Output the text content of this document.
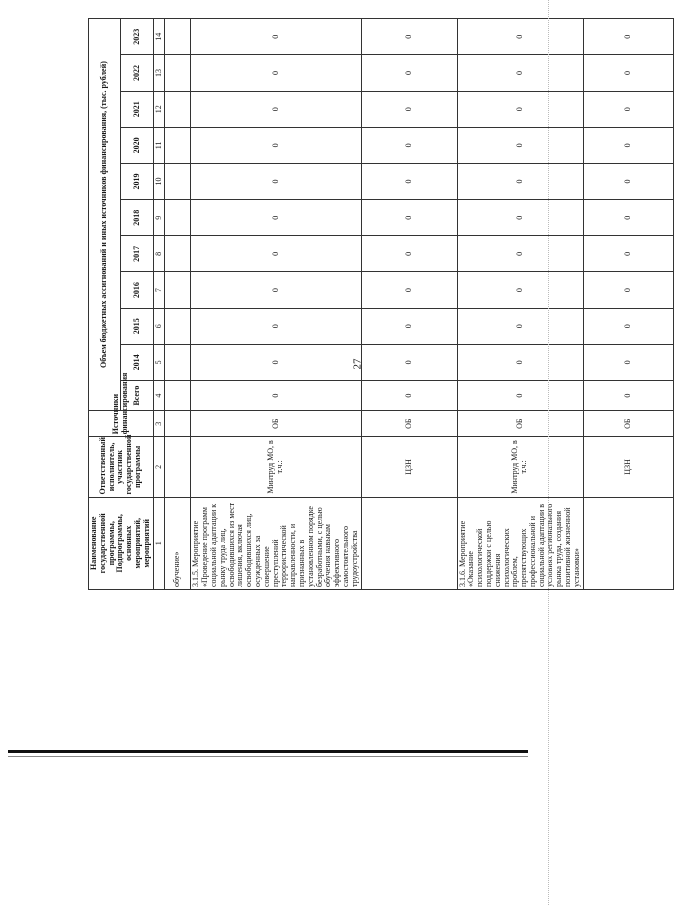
27
Наименование государственной программы, Подпрограммы, основных мероприятий, мероприятий	Ответственный исполнитель, участник государственной программы	Источники финансирования	Объем бюджетных ассигнований и иных источников финансирования, (тыс. рублей)										
			Всего	2014	2015	2016	2017	2018	2019	2020	2021	2022	2023
1	2	3	4	5	6	7	8	9	10	11	12	13	14
обучение»													
3.1.5. Мероприятие «Проведение программ социальной адаптации к рынку труда лиц, освободившихся из мест лишения, включая освободившихся лиц, осужденных за совершение преступлений террористической направленности, и признанных в установленном порядке безработными, с целью обучения навыкам эффективного самостоятельного трудоустройства	Минтруд МО, в т.ч.:	ОБ	0	0	0	0	0	0	0	0	0	0	0
	ЦЗН	ОБ	0	0	0	0	0	0	0	0	0	0	0
3.1.6. Мероприятие «Оказание психологической поддержки с целью снижения психологических проблем, препятствующих профессиональной и социальной адаптации в условиях регионального рынка труда, создания позитивной жизненной установки»	Минтруд МО, в т.ч.:	ОБ	0	0	0	0	0	0	0	0	0	0	0
	ЦЗН	ОБ	0	0	0	0	0	0	0	0	0	0	0
